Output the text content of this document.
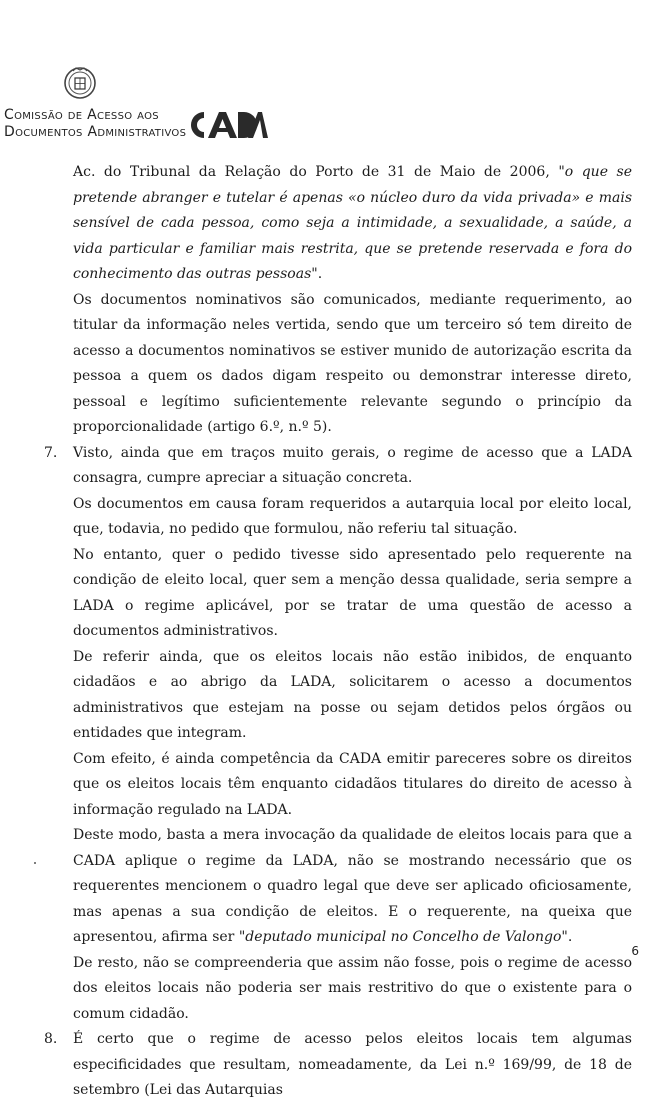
Comissão de Acesso aos
Documentos Administrativos

Ac. do Tribunal da Relação do Porto de 31 de Maio de 2006, "o que se pretende abranger e tutelar é apenas «o núcleo duro da vida privada» e mais sensível de cada pessoa, como seja a intimidade, a sexualidade, a saúde, a vida particular e familiar mais restrita, que se pretende reservada e fora do conhecimento das outras pessoas".

Os documentos nominativos são comunicados, mediante requerimento, ao titular da informação neles vertida, sendo que um terceiro só tem direito de acesso a documentos nominativos se estiver munido de autorização escrita da pessoa a quem os dados digam respeito ou demonstrar interesse direto, pessoal e legítimo suficientemente relevante segundo o princípio da proporcionalidade (artigo 6.º, n.º 5).

7. Visto, ainda que em traços muito gerais, o regime de acesso que a LADA consagra, cumpre apreciar a situação concreta.

Os documentos em causa foram requeridos a autarquia local por eleito local, que, todavia, no pedido que formulou, não referiu tal situação.

No entanto, quer o pedido tivesse sido apresentado pelo requerente na condição de eleito local, quer sem a menção dessa qualidade, seria sempre a LADA o regime aplicável, por se tratar de uma questão de acesso a documentos administrativos.

De referir ainda, que os eleitos locais não estão inibidos, de enquanto cidadãos e ao abrigo da LADA, solicitarem o acesso a documentos administrativos que estejam na posse ou sejam detidos pelos órgãos ou entidades que integram.

Com efeito, é ainda competência da CADA emitir pareceres sobre os direitos que os eleitos locais têm enquanto cidadãos titulares do direito de acesso à informação regulado na LADA.

Deste modo, basta a mera invocação da qualidade de eleitos locais para que a CADA aplique o regime da LADA, não se mostrando necessário que os requerentes mencionem o quadro legal que deve ser aplicado oficiosamente, mas apenas a sua condição de eleitos. E o requerente, na queixa que apresentou, afirma ser "deputado municipal no Concelho de Valongo".

De resto, não se compreenderia que assim não fosse, pois o regime de acesso dos eleitos locais não poderia ser mais restritivo do que o existente para o comum cidadão.

8. É certo que o regime de acesso pelos eleitos locais tem algumas especificidades que resultam, nomeadamente, da Lei n.º 169/99, de 18 de setembro (Lei das Autarquias

6
